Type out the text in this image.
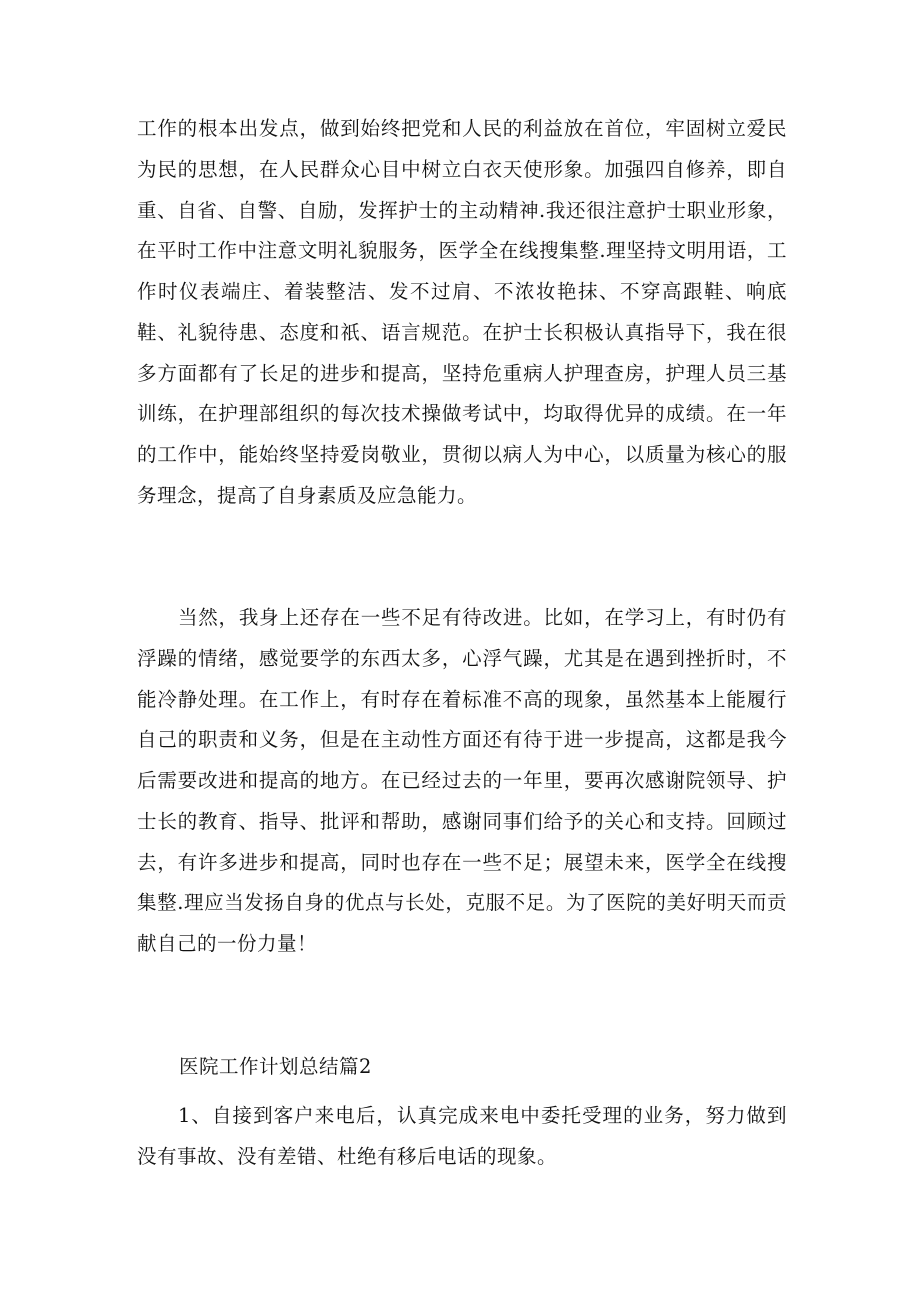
工作的根本出发点，做到始终把党和人民的利益放在首位，牢固树立爱民为民的思想，在人民群众心目中树立白衣天使形象。加强四自修养，即自重、自省、自警、自励，发挥护士的主动精神.我还很注意护士职业形象，在平时工作中注意文明礼貌服务，医学全在线搜集整.理坚持文明用语，工作时仪表端庄、着装整洁、发不过肩、不浓妆艳抹、不穿高跟鞋、响底鞋、礼貌待患、态度和祇、语言规范。在护士长积极认真指导下，我在很多方面都有了长足的进步和提高，坚持危重病人护理查房，护理人员三基训练，在护理部组织的每次技术操做考试中，均取得优异的成绩。在一年的工作中，能始终坚持爱岗敬业，贯彻以病人为中心，以质量为核心的服务理念，提高了自身素质及应急能力。

当然，我身上还存在一些不足有待改进。比如，在学习上，有时仍有浮躁的情绪，感觉要学的东西太多，心浮气躁，尤其是在遇到挫折时，不能冷静处理。在工作上，有时存在着标准不高的现象，虽然基本上能履行自己的职责和义务，但是在主动性方面还有待于进一步提高，这都是我今后需要改进和提高的地方。在已经过去的一年里，要再次感谢院领导、护士长的教育、指导、批评和帮助，感谢同事们给予的关心和支持。回顾过去，有许多进步和提高，同时也存在一些不足；展望未来，医学全在线搜集整.理应当发扬自身的优点与长处，克服不足。为了医院的美好明天而贡献自己的一份力量！

医院工作计划总结篇2

1、自接到客户来电后，认真完成来电中委托受理的业务，努力做到没有事故、没有差错、杜绝有移后电话的现象。
